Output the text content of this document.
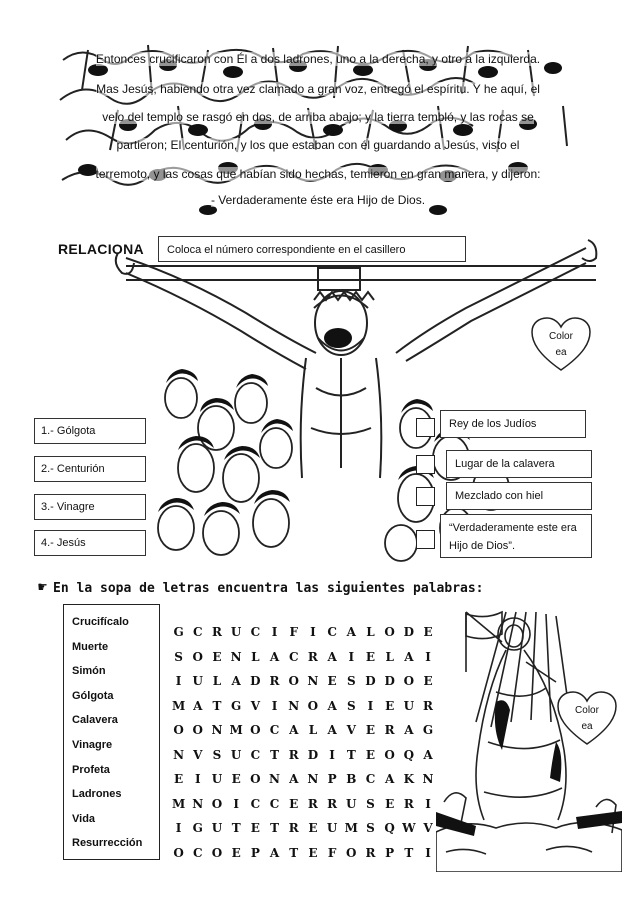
Entonces crucificaron con Él a dos ladrones, uno a la derecha, y otro a la izquierda.
Mas Jesús, habiendo otra vez clamado a gran voz, entregó el espíritu. Y he aquí, el
velo del templo se rasgó en dos, de arriba abajo; y la tierra tembló, y las rocas se
partieron; El centurión, y los que estaban con él guardando a Jesús, visto el
terremoto, y las cosas que habían sido hechas, temieron en gran manera, y dijeron:
- Verdaderamente éste era Hijo de Dios.
RELACIONA	Coloca el número correspondiente en el casillero
Color
ea
1.- Gólgota
2.- Centurión
3.- Vinagre
4.- Jesús
Rey de los Judíos
Lugar de la calavera
Mezclado con hiel
“Verdaderamente este era Hijo de Dios”.
☛ En la sopa de letras encuentra las siguientes palabras:
Crucifícalo
Muerte
Simón
Gólgota
Calavera
Vinagre
Profeta
Ladrones
Vida
Resurrección
G C R U C I	F	I C A L O D E
S O E N L A C R A I E L A I
I U L A D R O N E S D D O E
M A T G V I N O A S	I E U R
O O N M O C A L A V E R A G
N V S U C T R D I T E O Q A
E I U E O N A N P B C A K N
M N O I C C E R R U S E R I
I G U T E T R E U M S Q W V
O C O E P A T E F O R P T I
Color
ea
